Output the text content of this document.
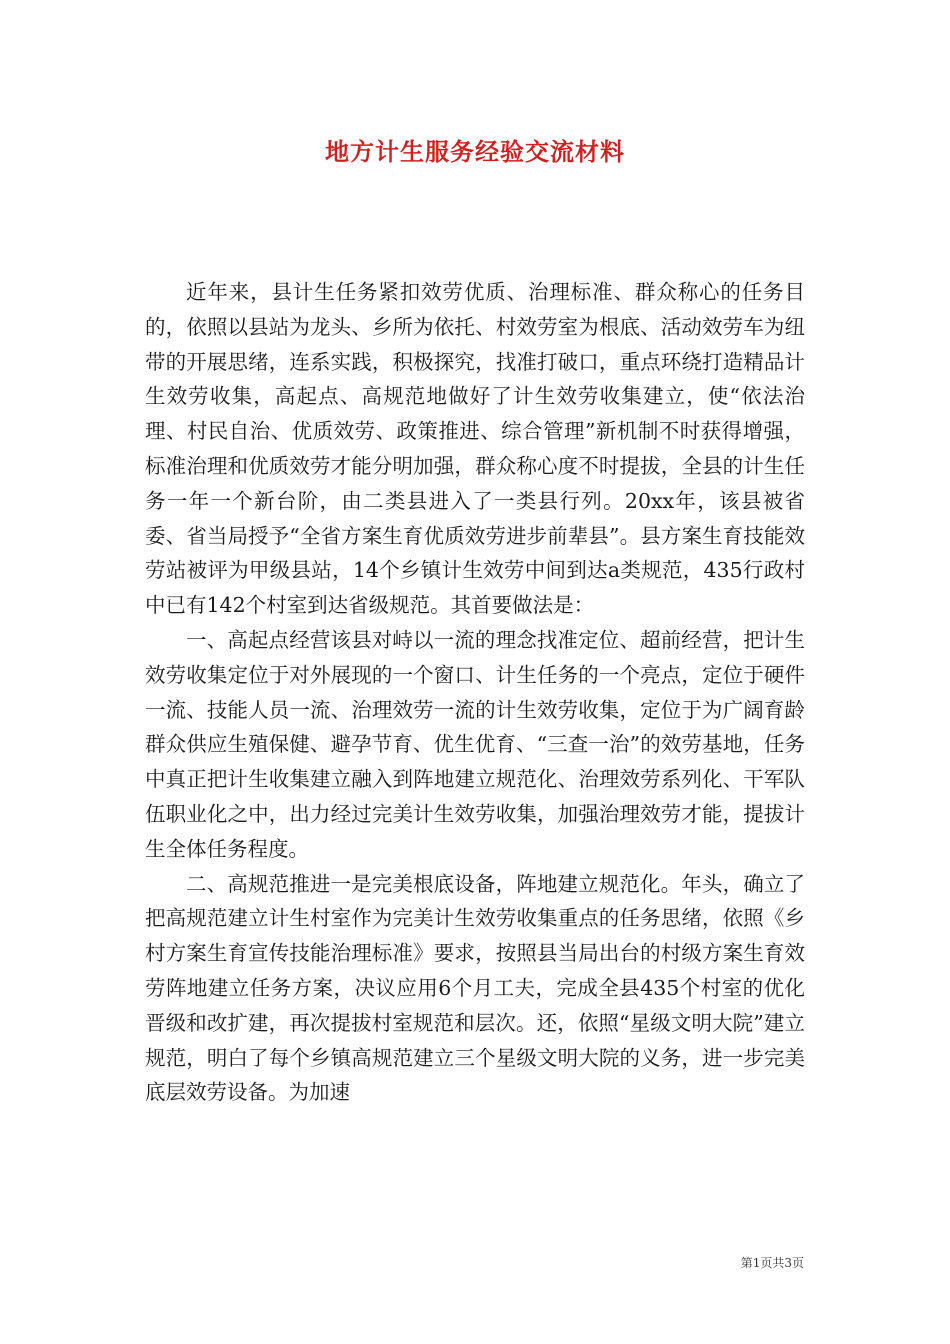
地方计生服务经验交流材料

近年来，县计生任务紧扣效劳优质、治理标准、群众称心的任务目的，依照以县站为龙头、乡所为依托、村效劳室为根底、活动效劳车为纽带的开展思绪，连系实践，积极探究，找准打破口，重点环绕打造精品计生效劳收集，高起点、高规范地做好了计生效劳收集建立，使“依法治理、村民自治、优质效劳、政策推进、综合管理”新机制不时获得增强，标准治理和优质效劳才能分明加强，群众称心度不时提拔，全县的计生任务一年一个新台阶，由二类县进入了一类县行列。20xx年，该县被省委、省当局授予“全省方案生育优质效劳进步前辈县”。县方案生育技能效劳站被评为甲级县站，14个乡镇计生效劳中间到达a类规范，435行政村中已有142个村室到达省级规范。其首要做法是：

一、高起点经营该县对峙以一流的理念找准定位、超前经营，把计生效劳收集定位于对外展现的一个窗口、计生任务的一个亮点，定位于硬件一流、技能人员一流、治理效劳一流的计生效劳收集，定位于为广阔育龄群众供应生殖保健、避孕节育、优生优育、“三查一治”的效劳基地，任务中真正把计生收集建立融入到阵地建立规范化、治理效劳系列化、干军队伍职业化之中，出力经过完美计生效劳收集，加强治理效劳才能，提拔计生全体任务程度。

二、高规范推进一是完美根底设备，阵地建立规范化。年头，确立了把高规范建立计生村室作为完美计生效劳收集重点的任务思绪，依照《乡村方案生育宣传技能治理标准》要求，按照县当局出台的村级方案生育效劳阵地建立任务方案，决议应用6个月工夫，完成全县435个村室的优化晋级和改扩建，再次提拔村室规范和层次。还，依照“星级文明大院”建立规范，明白了每个乡镇高规范建立三个星级文明大院的义务，进一步完美底层效劳设备。为加速

第1页共3页
